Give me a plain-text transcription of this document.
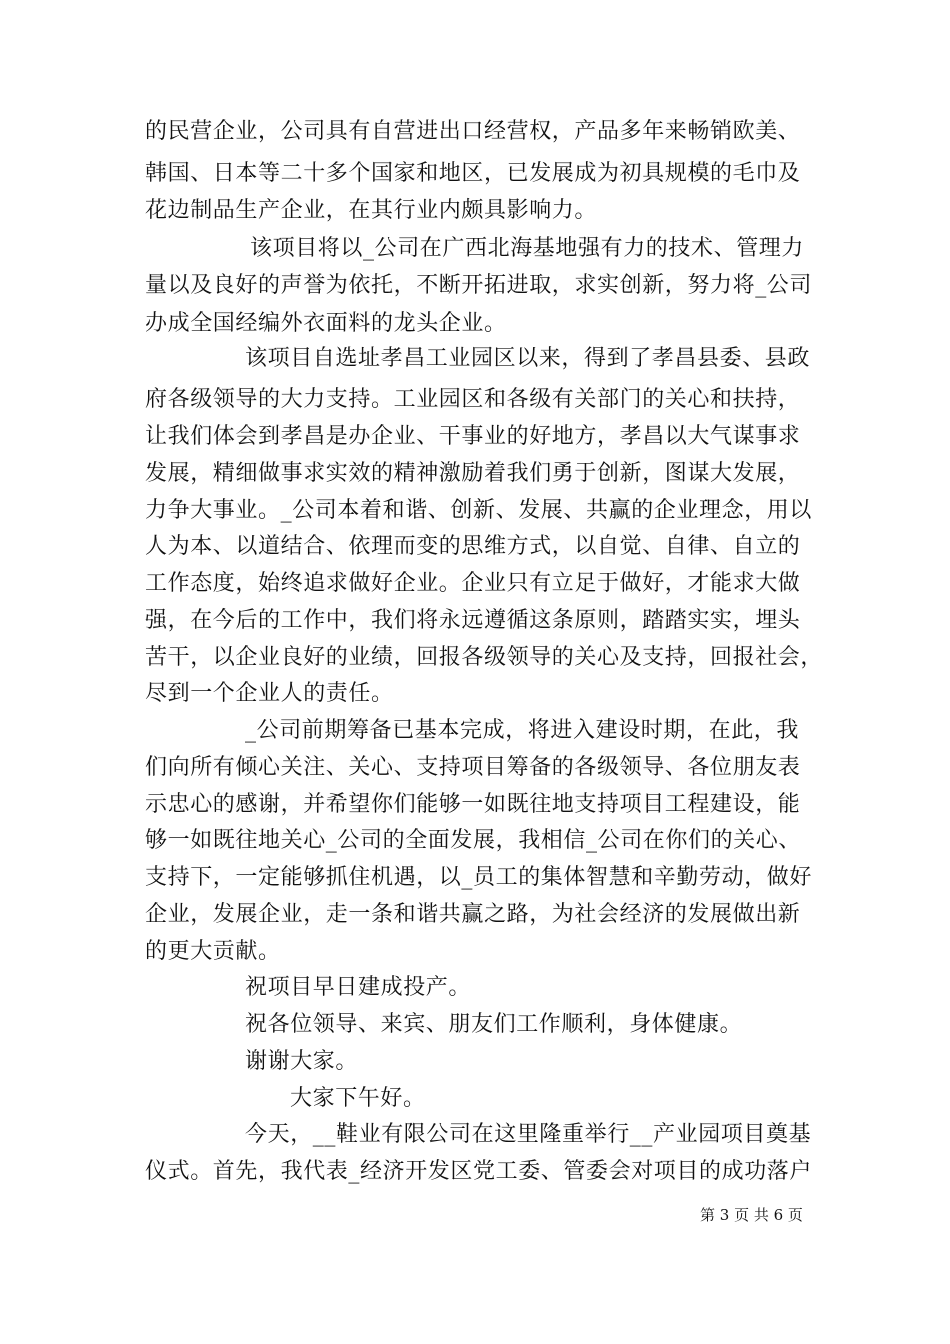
的民营企业，公司具有自营进出口经营权，产品多年来畅销欧美、
韩国、日本等二十多个国家和地区，已发展成为初具规模的毛巾及
花边制品生产企业，在其行业内颇具影响力。
该项目将以_公司在广西北海基地强有力的技术、管理力
量以及良好的声誉为依托，不断开拓进取，求实创新，努力将_公司
办成全国经编外衣面料的龙头企业。
该项目自选址孝昌工业园区以来，得到了孝昌县委、县政
府各级领导的大力支持。工业园区和各级有关部门的关心和扶持，
让我们体会到孝昌是办企业、干事业的好地方，孝昌以大气谋事求
发展，精细做事求实效的精神激励着我们勇于创新，图谋大发展，
力争大事业。_公司本着和谐、创新、发展、共赢的企业理念，用以
人为本、以道结合、依理而变的思维方式，以自觉、自律、自立的
工作态度，始终追求做好企业。企业只有立足于做好，才能求大做
强，在今后的工作中，我们将永远遵循这条原则，踏踏实实，埋头
苦干，以企业良好的业绩，回报各级领导的关心及支持，回报社会，
尽到一个企业人的责任。
_公司前期筹备已基本完成，将进入建设时期，在此，我
们向所有倾心关注、关心、支持项目筹备的各级领导、各位朋友表
示忠心的感谢，并希望你们能够一如既往地支持项目工程建设，能
够一如既往地关心_公司的全面发展，我相信_公司在你们的关心、
支持下，一定能够抓住机遇，以_员工的集体智慧和辛勤劳动，做好
企业，发展企业，走一条和谐共赢之路，为社会经济的发展做出新
的更大贡献。
祝项目早日建成投产。
祝各位领导、来宾、朋友们工作顺利，身体健康。
谢谢大家。
大家下午好。
今天，__鞋业有限公司在这里隆重举行__产业园项目奠基
仪式。首先，我代表_经济开发区党工委、管委会对项目的成功落户
第 3 页 共 6 页
